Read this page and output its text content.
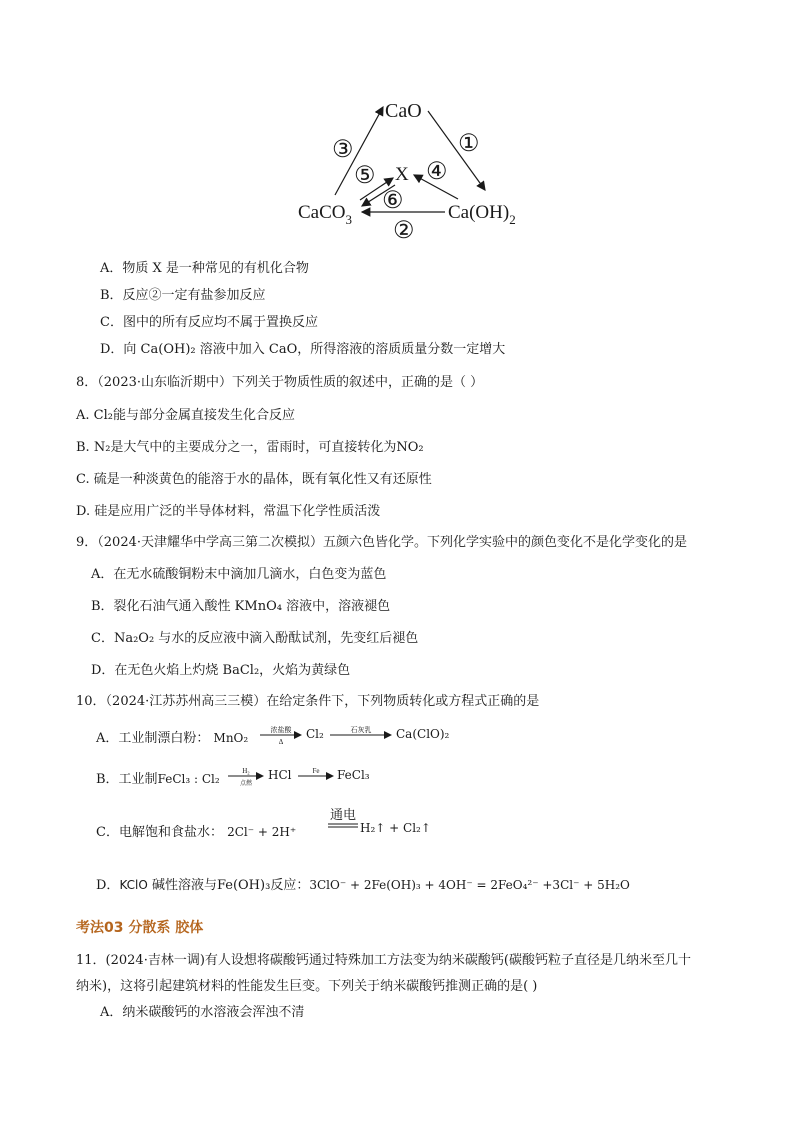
CaO
X
CaCO$_3$	$Ca(OH)_2$
①
②
③
④
⑤
⑥
A．物质 X 是一种常见的有机化合物
B．反应②一定有盐参加反应
C．图中的所有反应均不属于置换反应
D．向 Ca(OH)₂ 溶液中加入 CaO，所得溶液的溶质质量分数一定增大
8．（2023·山东临沂期中）下列关于物质性质的叙述中，正确的是（ ）
A. Cl₂能与部分金属直接发生化合反应
B. N₂是大气中的主要成分之一，雷雨时，可直接转化为NO₂
C. 硫是一种淡黄色的能溶于水的晶体，既有氧化性又有还原性
D. 硅是应用广泛的半导体材料，常温下化学性质活泼
9．（2024·天津耀华中学高三第二次模拟）五颜六色皆化学。下列化学实验中的颜色变化不是化学变化的是
A．在无水硫酸铜粉末中滴加几滴水，白色变为蓝色
B．裂化石油气通入酸性 KMnO₄ 溶液中，溶液褪色
C．Na₂O₂ 与水的反应液中滴入酚酞试剂，先变红后褪色
D．在无色火焰上灼烧 BaCl₂，火焰为黄绿色
10．（2024·江苏苏州高三三模）在给定条件下，下列物质转化或方程式正确的是
A．工业制漂白粉： MnO₂
浓盐酸
Δ
Cl₂	石灰乳 Ca(ClO)₂
B．工业制FeCl₃ : Cl₂
H₂
点燃
HCl	Fe FeCl₃
C．电解饱和食盐水： 2Cl⁻ + 2H⁺
通电
H₂↑ + Cl₂↑
D．KClO 碱性溶液与Fe(OH)₃反应：3ClO⁻ + 2Fe(OH)₃ + 4OH⁻ = 2FeO₄²⁻ +3Cl⁻ + 5H₂O
考法03 分散系 胶体
11．(2024·吉林一调)有人设想将碳酸钙通过特殊加工方法变为纳米碳酸钙(碳酸钙粒子直径是几纳米至几十
纳米)，这将引起建筑材料的性能发生巨变。下列关于纳米碳酸钙推测正确的是( )
A．纳米碳酸钙的水溶液会浑浊不清
